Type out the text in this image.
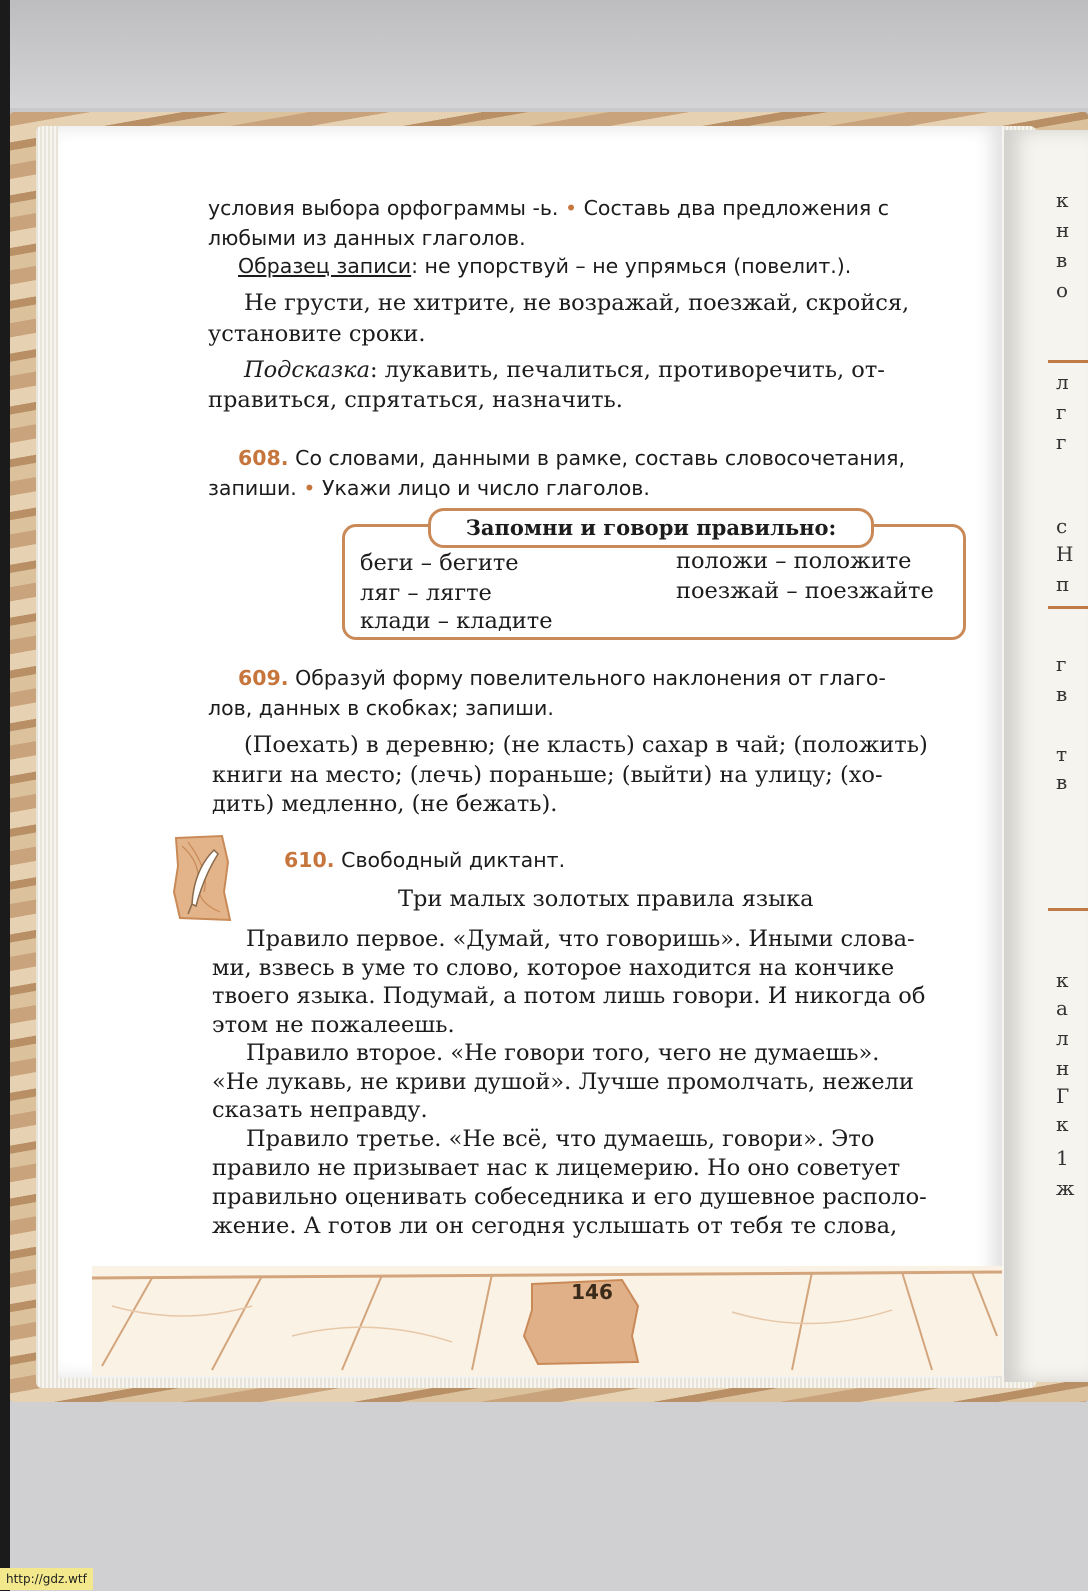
к
н
в
о
л
г
г
с
Н
п
г
в
т
в
к
а
л
н
Г
к
1
ж
условия выбора орфограммы -ь. • Составь два предложения с
любыми из данных глаголов.
Образец записи: не упорствуй – не упрямься (повелит.).
Не грусти, не хитрите, не возражай, поезжай, скройся,
установите сроки.
Подсказка: лукавить, печалиться, противоречить, от-
правиться, спрятаться, назначить.
608. Со словами, данными в рамке, составь словосочетания,
запиши. • Укажи лицо и число глаголов.
Запомни и говори правильно:
беги – бегите
ляг – лягте
клади – кладите
положи – положите
поезжай – поезжайте
609. Образуй форму повелительного наклонения от глаго-
лов, данных в скобках; запиши.
(Поехать) в деревню; (не класть) сахар в чай; (положить)
книги на место; (лечь) пораньше; (выйти) на улицу; (хо-
дить) медленно, (не бежать).
610. Свободный диктант.
Три малых золотых правила языка
Правило первое. «Думай, что говоришь». Иными слова-
ми, взвесь в уме то слово, которое находится на кончике
твоего языка. Подумай, а потом лишь говори. И никогда об
этом не пожалеешь.
Правило второе. «Не говори того, чего не думаешь».
«Не лукавь, не криви душой». Лучше промолчать, нежели
сказать неправду.
Правило третье. «Не всё, что думаешь, говори». Это
правило не призывает нас к лицемерию. Но оно советует
правильно оценивать собеседника и его душевное располо-
жение. А готов ли он сегодня услышать от тебя те слова,
146
http://gdz.wtf
